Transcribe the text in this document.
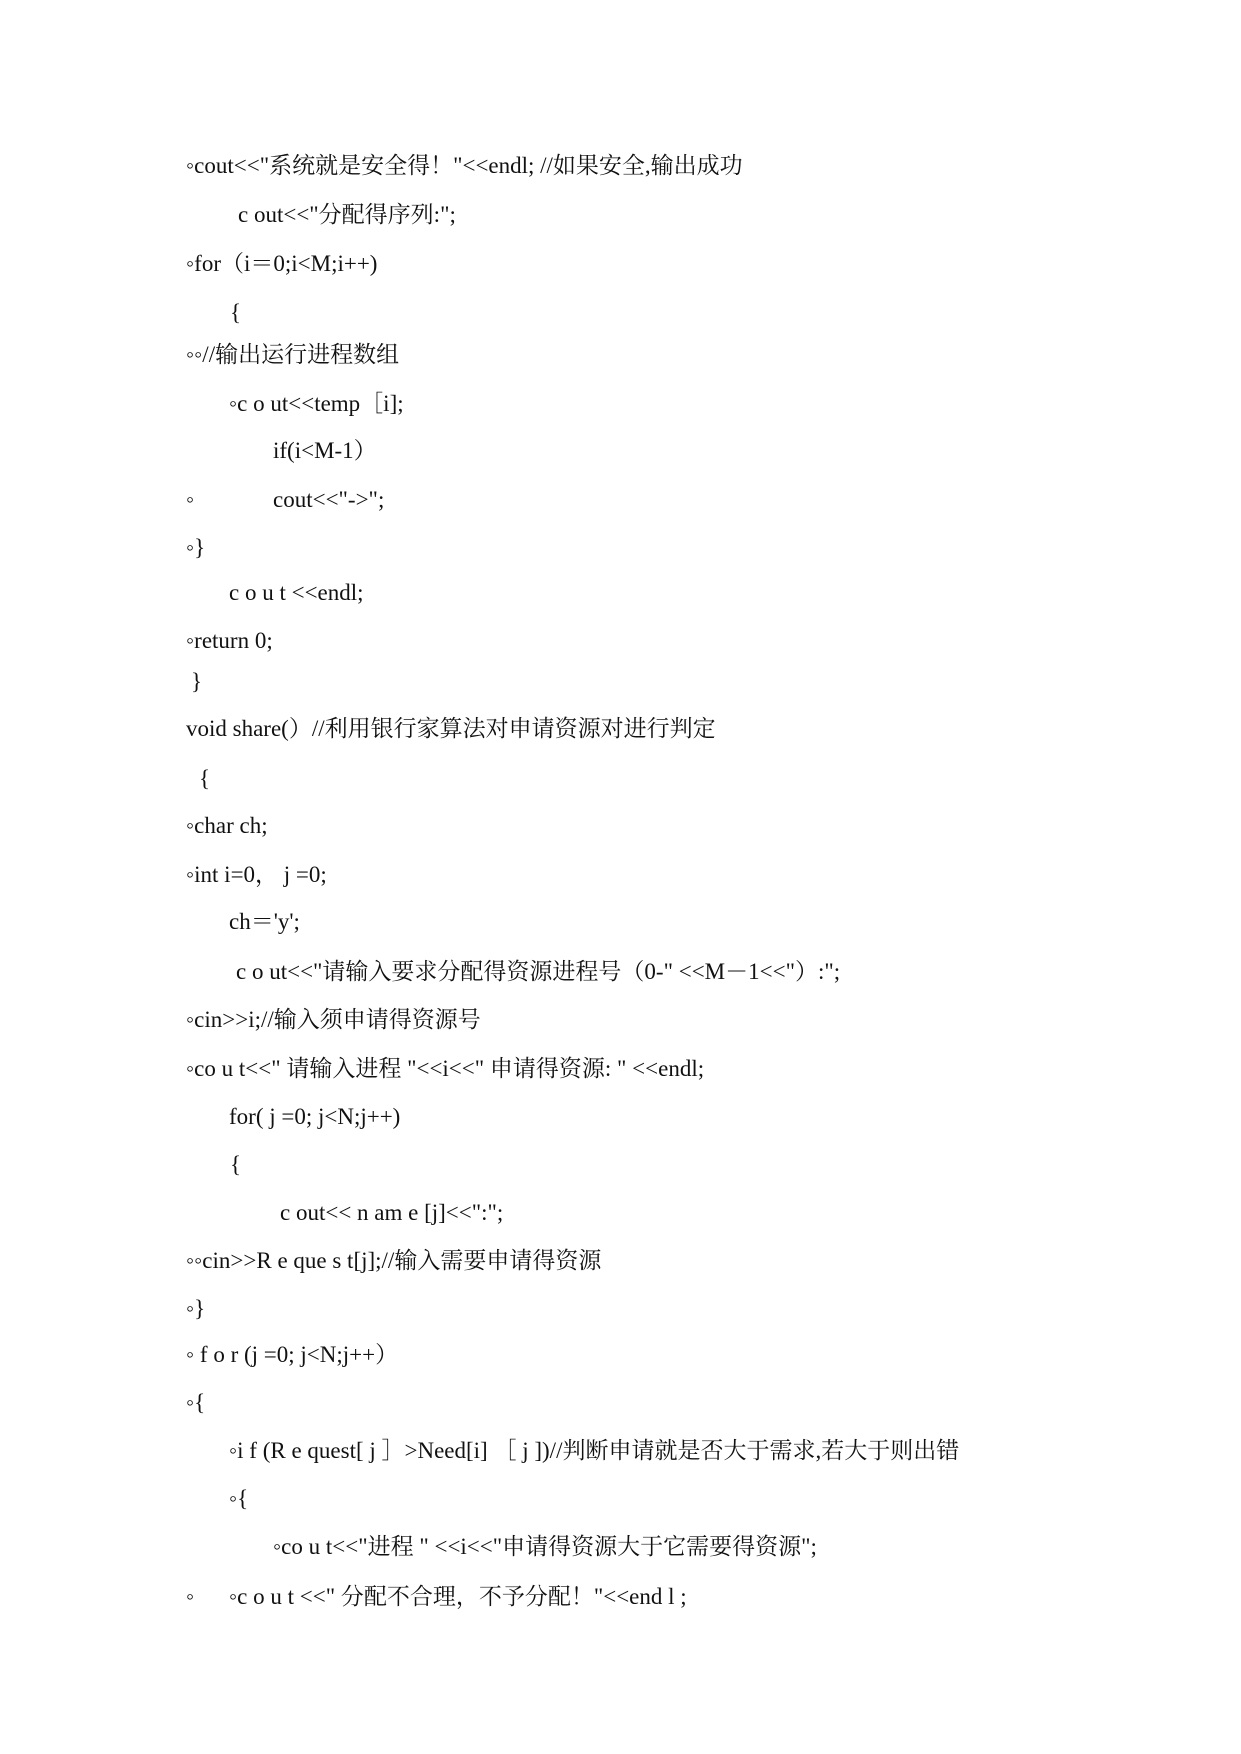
◦cout<<"系统就是安全得！"<<endl; //如果安全,输出成功
c out<<"分配得序列:";
◦for（i＝0;i<M;i++)
{
◦◦//输出运行进程数组
◦c o ut<<temp［i];
if(i<M-1）
◦	cout<<"->";
◦}
c o u t <<endl;
◦return 0;
}
void share(）//利用银行家算法对申请资源对进行判定
{
◦char ch;
◦int i=0， j =0;
ch＝'y';
c o ut<<"请输入要求分配得资源进程号（0-" <<M－1<<"）:";
◦cin>>i;//输入须申请得资源号
◦co u t<<" 请输入进程 "<<i<<" 申请得资源: " <<endl;
for( j =0; j<N;j++)
{
c out<< n am e [j]<<":";
◦◦cin>>R e que s t[j];//输入需要申请得资源
◦}
◦ f o r (j =0; j<N;j++）
◦{
◦i f (R e quest[ j ］>Need[i] ［ j ])//判断申请就是否大于需求,若大于则出错
◦{
◦co u t<<"进程 " <<i<<"申请得资源大于它需要得资源";
◦ ◦c o u t <<" 分配不合理，不予分配！"<<end l ;
